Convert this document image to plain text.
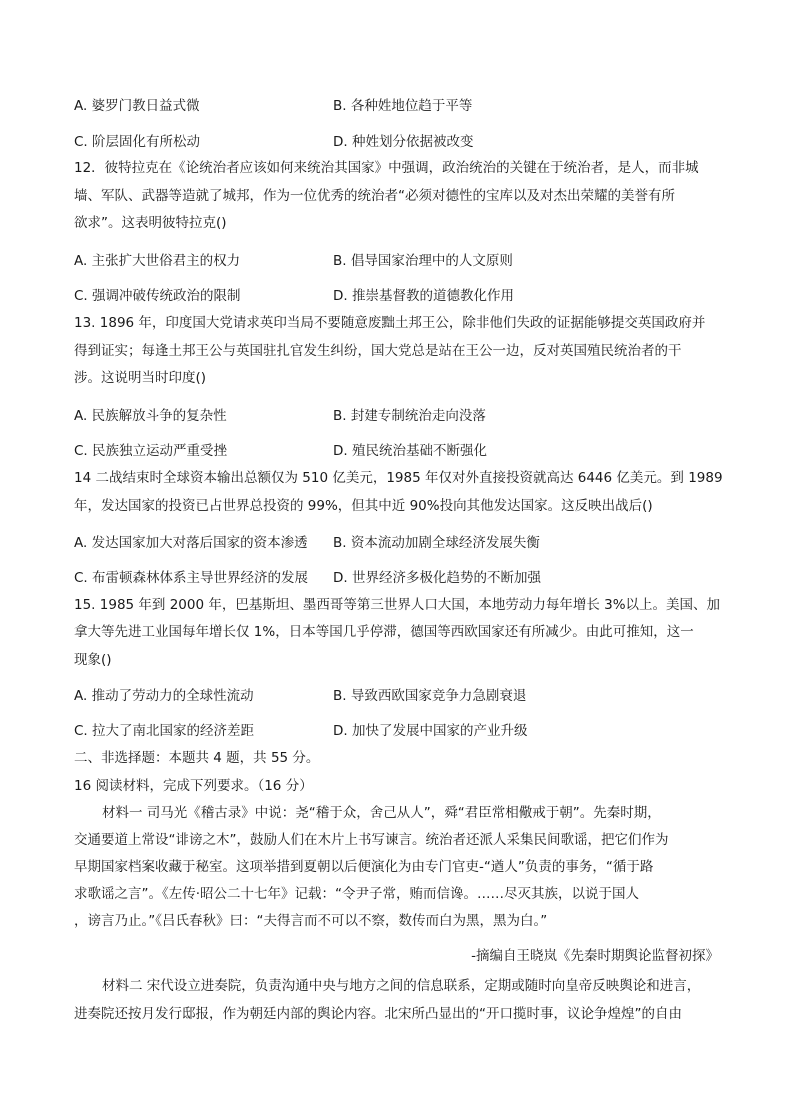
A. 婆罗门教日益式微	B. 各种姓地位趋于平等
C. 阶层固化有所松动	D. 种姓划分依据被改变
12．彼特拉克在《论统治者应该如何来统治其国家》中强调，政治统治的关键在于统治者，是人，而非城
墙、军队、武器等造就了城邦，作为一位优秀的统治者“必须对德性的宝库以及对杰出荣耀的美誉有所
欲求”。这表明彼特拉克()
A. 主张扩大世俗君主的权力	B. 倡导国家治理中的人文原则
C. 强调冲破传统政治的限制	D. 推崇基督教的道德教化作用
13. 1896 年，印度国大党请求英印当局不要随意废黜土邦王公，除非他们失政的证据能够提交英国政府并
得到证实；每逢土邦王公与英国驻扎官发生纠纷，国大党总是站在王公一边，反对英国殖民统治者的干
涉。这说明当时印度()
A. 民族解放斗争的复杂性	B. 封建专制统治走向没落
C. 民族独立运动严重受挫	D. 殖民统治基础不断强化
14 二战结束时全球资本输出总额仅为 510 亿美元，1985 年仅对外直接投资就高达 6446 亿美元。到 1989
年，发达国家的投资已占世界总投资的 99%，但其中近 90%投向其他发达国家。这反映出战后()
A. 发达国家加大对落后国家的资本渗透 B. 资本流动加剧全球经济发展失衡
C. 布雷顿森林体系主导世界经济的发展 D. 世界经济多极化趋势的不断加强
15. 1985 年到 2000 年，巴基斯坦、墨西哥等第三世界人口大国，本地劳动力每年增长 3%以上。美国、加
拿大等先进工业国每年增长仅 1%，日本等国几乎停滞，德国等西欧国家还有所减少。由此可推知，这一
现象()
A. 推动了劳动力的全球性流动	B. 导致西欧国家竞争力急剧衰退
C. 拉大了南北国家的经济差距	D. 加快了发展中国家的产业升级
二、非选择题：本题共 4 题，共 55 分。
16 阅读材料，完成下列要求。（16 分）
材料一 司马光《稽古录》中说：尧“稽于众，舍己从人”，舜“君臣常相儆戒于朝”。先秦时期，
交通要道上常设“诽谤之木”，鼓励人们在木片上书写谏言。统治者还派人采集民间歌谣，把它们作为
早期国家档案收藏于秘室。这项举措到夏朝以后便演化为由专门官吏-“遒人”负责的事务，“循于路
求歌谣之言”。《左传·昭公二十七年》记载：“令尹子常，贿而信谗。……尽灭其族，以说于国人
，谤言乃止。”《吕氏春秋》曰：“夫得言而不可以不察，数传而白为黑，黑为白。”
-摘编自王晓岚《先秦时期舆论监督初探》
材料二 宋代设立进奏院，负责沟通中央与地方之间的信息联系，定期或随时向皇帝反映舆论和进言，
进奏院还按月发行邸报，作为朝廷内部的舆论内容。北宋所凸显出的“开口揽时事，议论争煌煌”的自由
